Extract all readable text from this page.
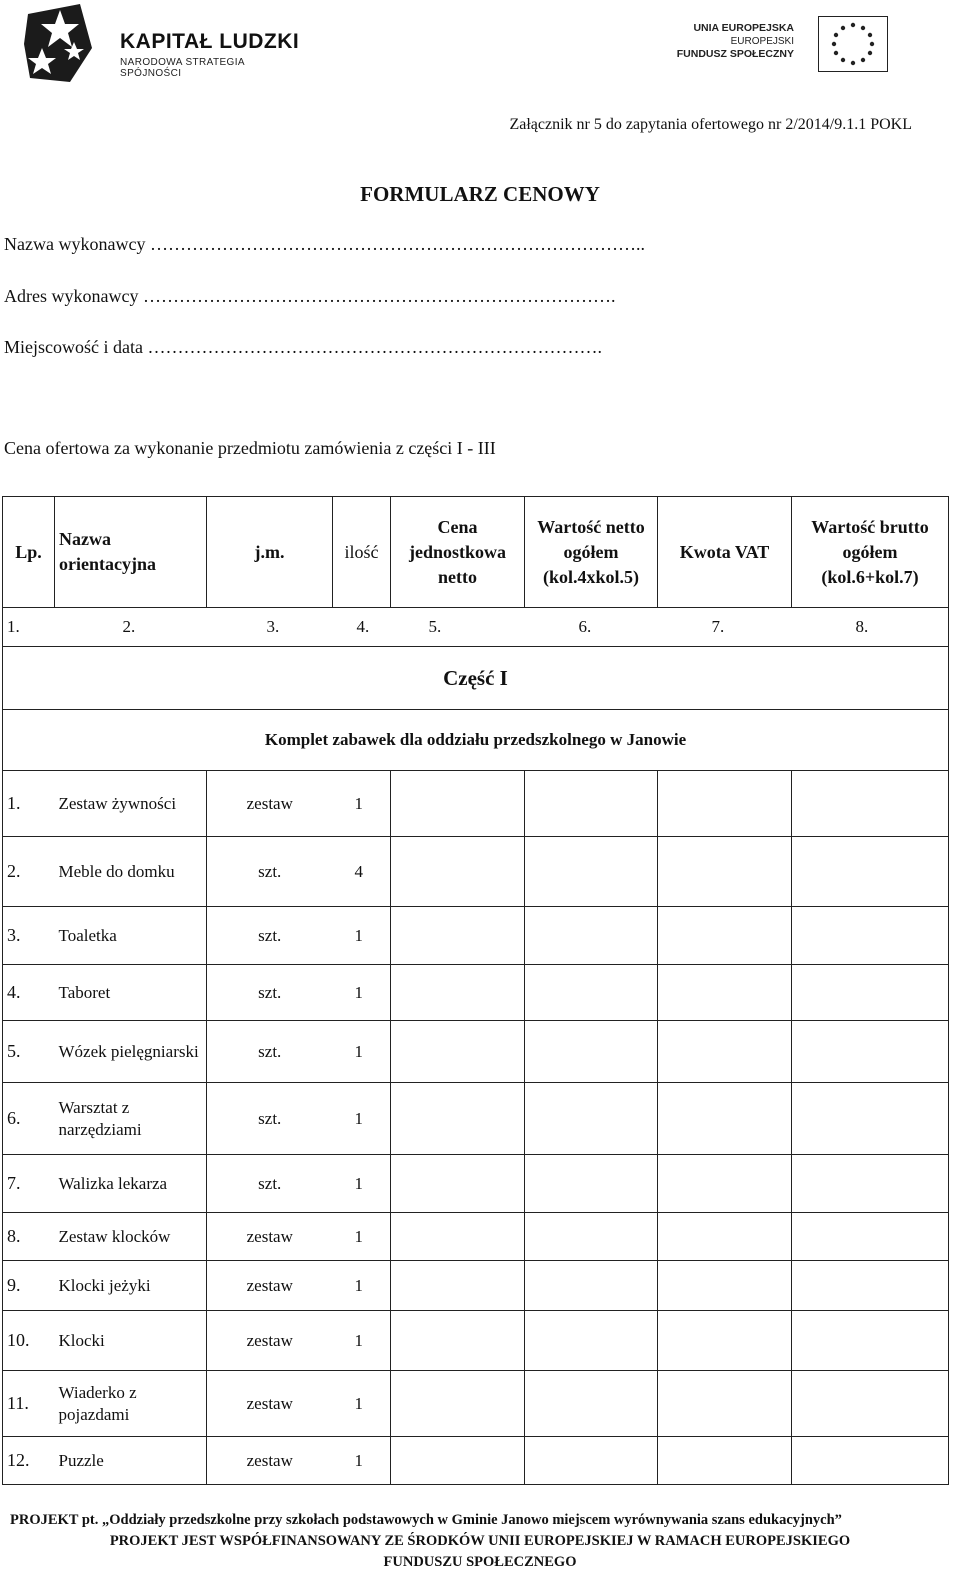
KAPITAŁ LUDZKI
NARODOWA STRATEGIA SPÓJNOŚCI
UNIA EUROPEJSKA
EUROPEJSKI
FUNDUSZ SPOŁECZNY
Załącznik nr 5 do zapytania ofertowego nr 2/2014/9.1.1 POKL
FORMULARZ CENOWY
Nazwa wykonawcy ………………………………………………………………………..
Adres wykonawcy …………………………………………………………………….
Miejscowość i data ………………………………………………………………….
Cena ofertowa za wykonanie przedmiotu zamówienia z części I - III
Lp.	Nazwa orientacyjna	j.m.	ilość	Cena jednostkowa netto	Wartość netto ogółem (kol.4xkol.5)	Kwota VAT	Wartość brutto ogółem (kol.6+kol.7)
1.	2.	3.	4.	5.	6.	7.	8.
Część I							
Komplet zabawek dla oddziału przedszkolnego w Janowie							
1.	Zestaw żywności	zestaw	1				
2.	Meble do domku	szt.	4				
3.	Toaletka	szt.	1				
4.	Taboret	szt.	1				
5.	Wózek pielęgniarski	szt.	1				
6.	Warsztat z narzędziami	szt.	1				
7.	Walizka lekarza	szt.	1				
8.	Zestaw klocków	zestaw	1				
9.	Klocki jeżyki	zestaw	1				
10.	Klocki	zestaw	1				
11.	Wiaderko z pojazdami	zestaw	1				
12.	Puzzle	zestaw	1				
PROJEKT pt. „Oddziały przedszkolne przy szkołach podstawowych w Gminie Janowo miejscem wyrównywania szans edukacyjnych”
PROJEKT JEST WSPÓŁFINANSOWANY ZE ŚRODKÓW UNII EUROPEJSKIEJ W RAMACH EUROPEJSKIEGO
FUNDUSZU SPOŁECZNEGO
